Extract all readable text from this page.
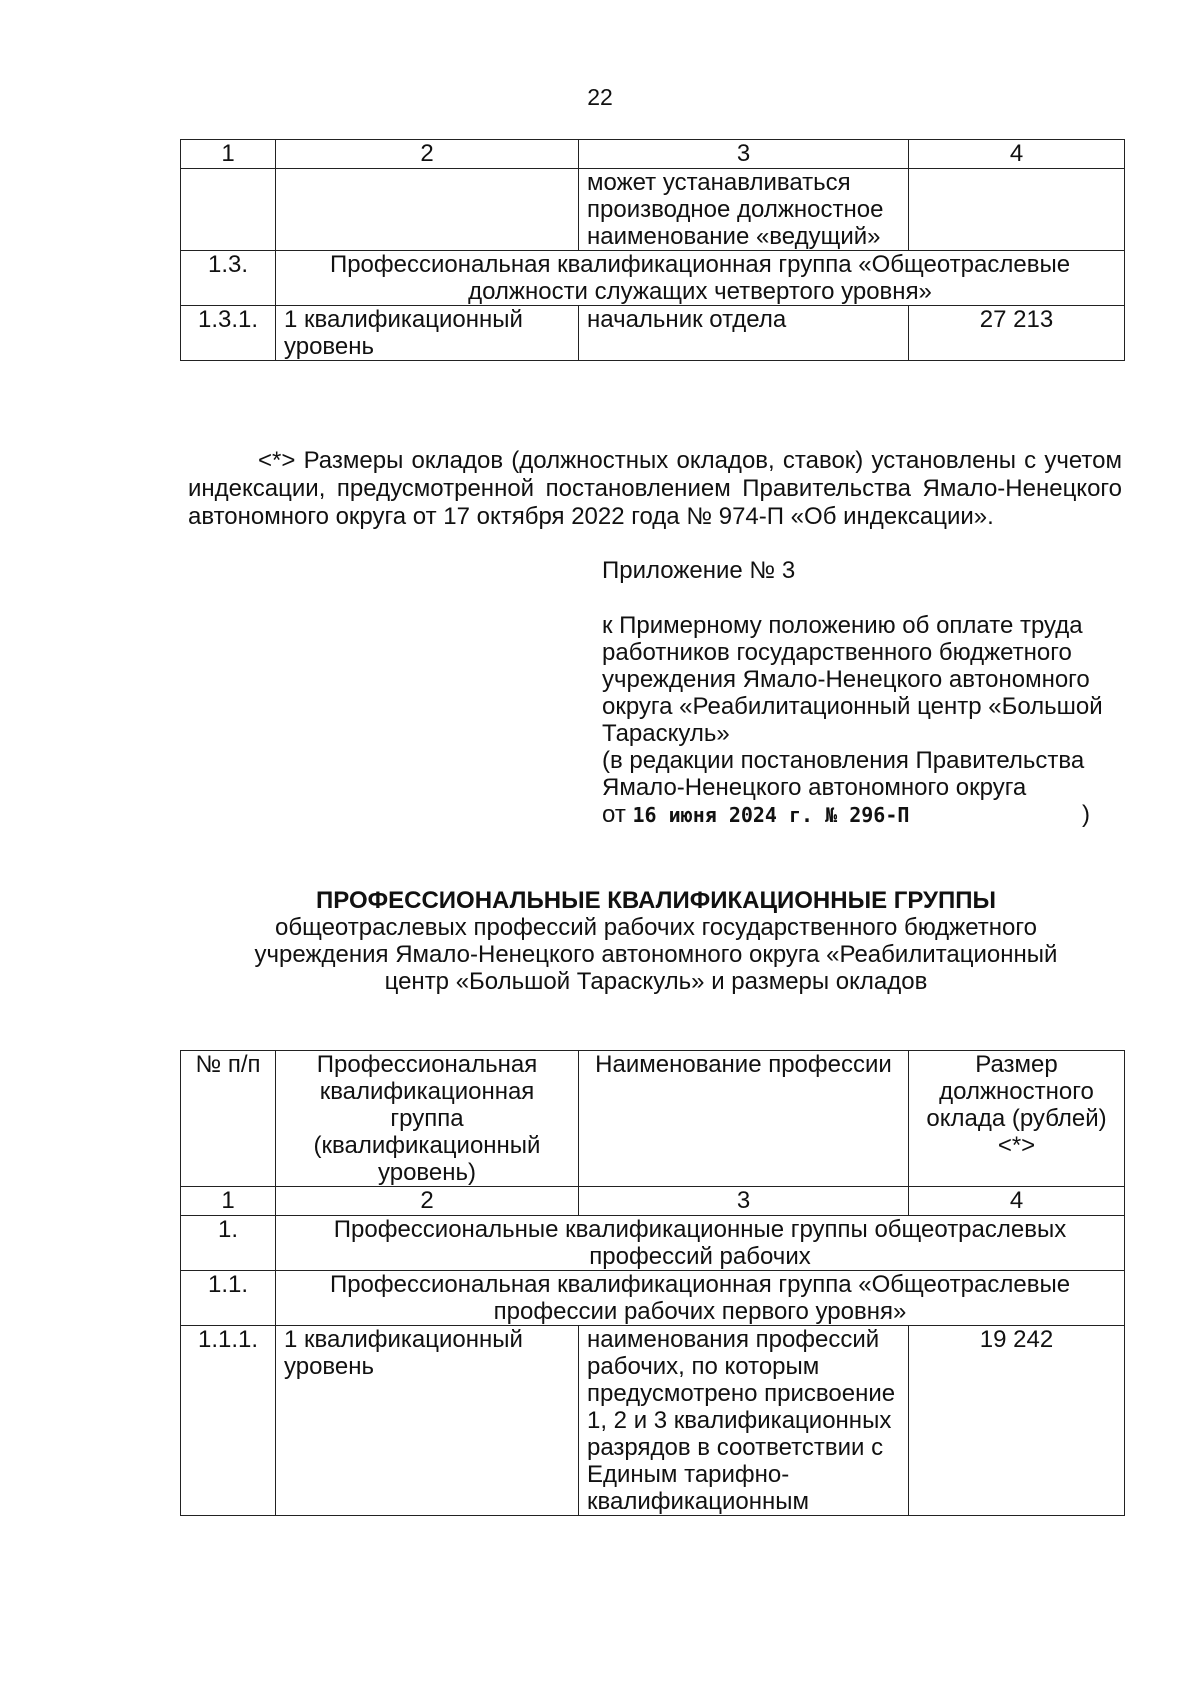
22
1	2	3	4
		может устанавливаться производное должностное наименование «ведущий»	
1.3.	Профессиональная квалификационная группа «Общеотраслевые должности служащих четвертого уровня»		
1.3.1.	1 квалификационный уровень	начальник отдела	27 213
<*> Размеры окладов (должностных окладов, ставок) установлены с учетом индексации, предусмотренной постановлением Правительства Ямало-Ненецкого автономного округа от 17 октября 2022 года № 974-П «Об индексации».
Приложение № 3
к Примерному положению об оплате труда работников государственного бюджетного учреждения Ямало-Ненецкого автономного округа «Реабилитационный центр «Большой Тараскуль»
(в редакции постановления Правительства Ямало-Ненецкого автономного округа
от 16 июня 2024 г. № 296-П	)
ПРОФЕССИОНАЛЬНЫЕ КВАЛИФИКАЦИОННЫЕ ГРУППЫ
общеотраслевых профессий рабочих государственного бюджетного
учреждения Ямало-Ненецкого автономного округа «Реабилитационный
центр «Большой Тараскуль» и размеры окладов
№ п/п	Профессиональная квалификационная группа (квалификационный уровень)	Наименование профессии	Размер должностного оклада (рублей) <*>
1	2	3	4
1.	Профессиональные квалификационные группы общеотраслевых профессий рабочих		
1.1.	Профессиональная квалификационная группа «Общеотраслевые профессии рабочих первого уровня»		
1.1.1.	1 квалификационный уровень	наименования профессий рабочих, по которым предусмотрено присвоение 1, 2 и 3 квалификационных разрядов в соответствии с Единым тарифно-квалификационным	19 242
